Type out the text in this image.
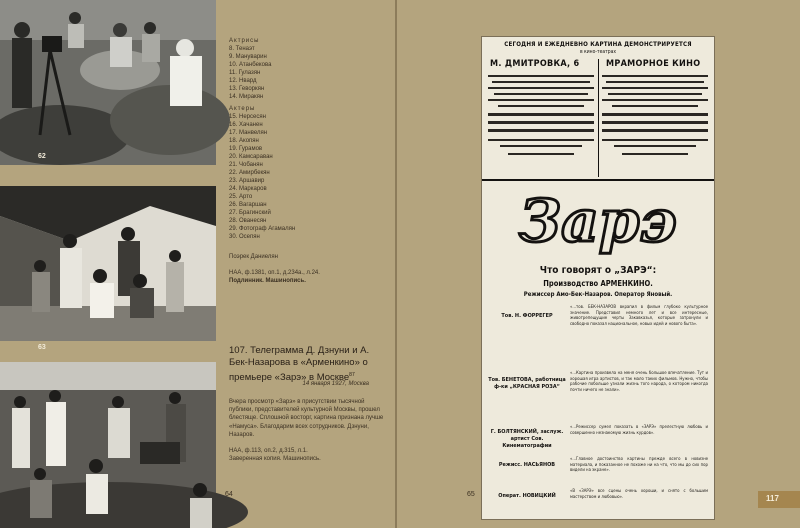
62
63
Актрисы
8. Тенаэт
9. Мануварин
10. Атанбекова
11. Гулазян
12. Нвард
13. Геворкян
14. Миракян
Актеры
15. Нерсесян
16. Хачанен
17. Манвелян
18. Акопян
19. Гурамов
20. Камсараван
21. Чобанян
22. Амирбекян
23. Аршавир
24. Маркаров
25. Арто
26. Вагаршан
27. Брагинский
28. Ованесян
29. Фотограф Агамалян
30. Осепян
Поэрек Даниелян
НАА, ф.1381, оп.1, д.234а., л.24.
Подлинник. Машинопись.
107. Телеграмма Д. Дзнуни и А. Бек-Назарова в «Арменкино» о премьере «Зарэ» в Москве$^{87}$
14 января 1927, Москва
Вчера просмотр «Зарэ» в присутствии тысячной публики, представителей культурной Москвы, прошел блестяще. Сплошной восторг, картина признана лучше «Намуса». Благодарим всех сотрудников. Дзнуни, Назаров.
НАА, ф.113, оп.2, д.315, л.1.
Заверенная копия. Машинопись.
64
СЕГОДНЯ И ЕЖЕДНЕВНО КАРТИНА ДЕМОНСТРИРУЕТСЯ
в кино-театрах
М. ДМИТРОВКА, 6	МРАМОРНОЕ КИНО
Зарэ
Что говорят о „ЗАРЭ“:
Производство АРМЕНКИНО.
Режиссер Амо-Бек-Назаров. Оператор Яновый.
Тов. Н. ФОРРЕГЕР
«...тов. БЕК-НАЗАРОВ вкрапил в фильм глубоко культурное значение. Представил немного лет и все интересные, животрепещущие черты Закавказья, которые затронули и свободно показал национальное, новых идей и нового быта».
Тов. БЕНЕТОВА, работница ф-ки „КРАСНАЯ РОЗА“
«...Картина произвела на меня очень большое впечатление. Тут и хорошая игра артистов, и так мало таких фильмов. Нужно, чтобы рабочие побольше узнали жизнь того народа, о котором никогда почти ничего не знали».
Г. БОЛТЯНСКИЙ, заслуж. артист Сов. Кинематографии
«...Режиссер сумел показать в «ЗАРЭ» прелестную любовь и совершенно незнакомую жизнь курдов».
Режисс. НАСЬЯНОВ
«...Главное достоинство картины прежде всего в новизне материала, и показанное не похоже ни на что, что мы до сих пор видели на экране».
Операт. НОВИЦКИЙ
«В «ЗАРЭ» все сцены очень хороши, и снято с большим мастерством и любовью».
65	117
